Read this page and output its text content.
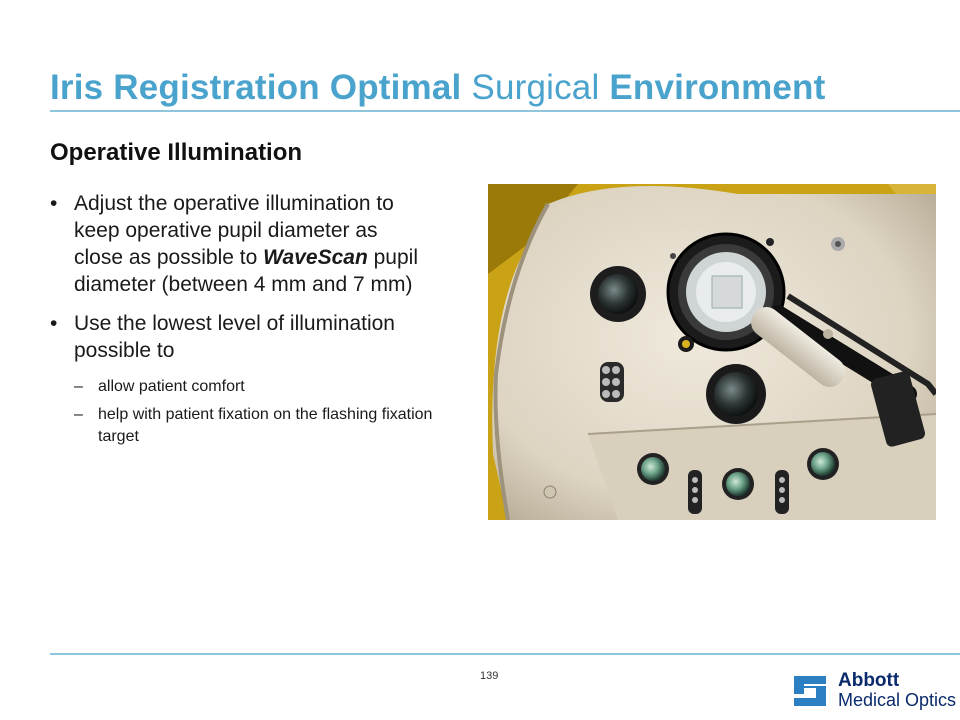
Iris Registration Optimal Surgical Environment
Operative Illumination
• Adjust the operative illumination to keep operative pupil diameter as close as possible to WaveScan pupil diameter (between 4 mm and 7 mm)
• Use the lowest level of illumination possible to
– allow patient comfort
– help with patient fixation on the flashing fixation target
139	Abbott
Medical Optics
